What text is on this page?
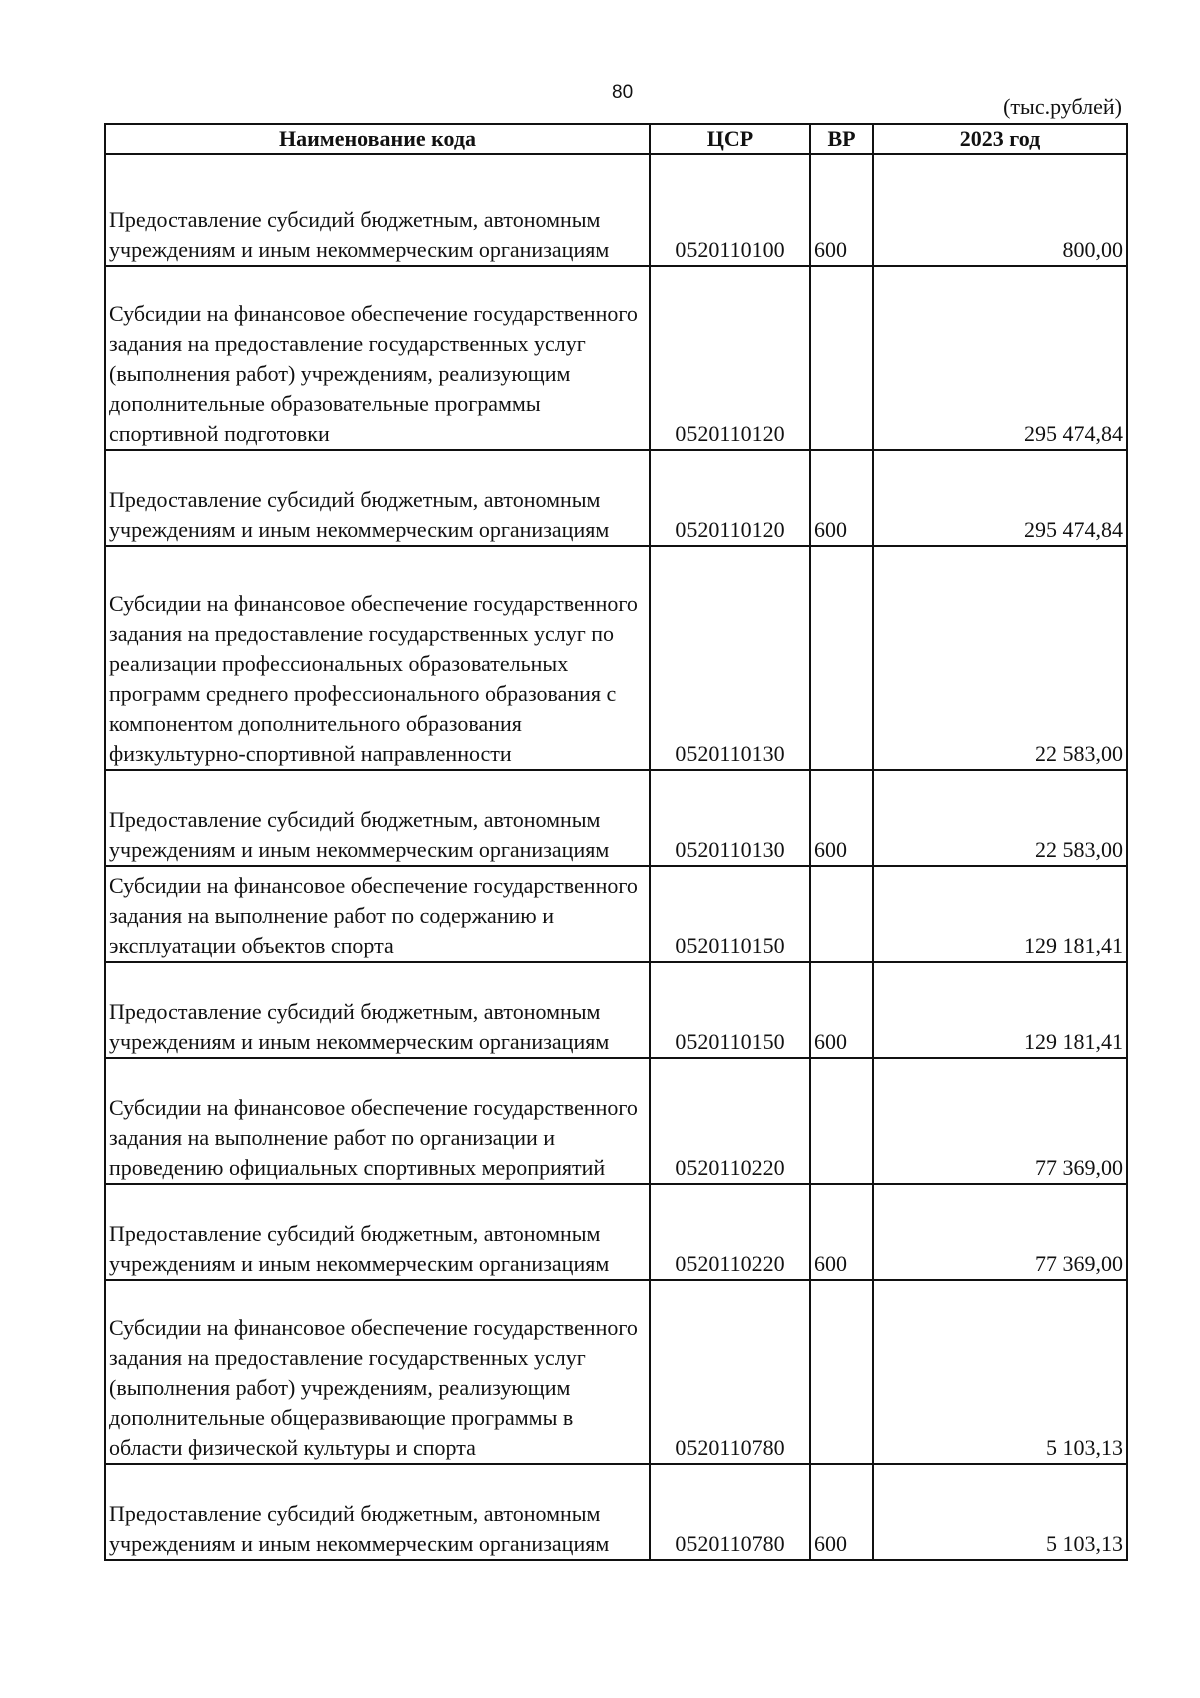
80
(тыс.рублей)
Наименование кода	ЦСР	ВР	2023 год
Предоставление субсидий бюджетным, автономным учреждениям и иным некоммерческим организациям	0520110100	600	800,00
Субсидии на финансовое обеспечение государственного задания на предоставление государственных услуг (выполнения работ) учреждениям, реализующим дополнительные образовательные программы спортивной подготовки	0520110120		295 474,84
Предоставление субсидий бюджетным, автономным учреждениям и иным некоммерческим организациям	0520110120	600	295 474,84
Субсидии на финансовое обеспечение государственного задания на предоставление государственных услуг по реализации профессиональных образовательных программ среднего профессионального образования с компонентом дополнительного образования физкультурно-спортивной направленности	0520110130		22 583,00
Предоставление субсидий бюджетным, автономным учреждениям и иным некоммерческим организациям	0520110130	600	22 583,00
Субсидии на финансовое обеспечение государственного задания на выполнение работ по содержанию и эксплуатации объектов спорта	0520110150		129 181,41
Предоставление субсидий бюджетным, автономным учреждениям и иным некоммерческим организациям	0520110150	600	129 181,41
Субсидии на финансовое обеспечение государственного задания на выполнение работ по организации и проведению официальных спортивных мероприятий	0520110220		77 369,00
Предоставление субсидий бюджетным, автономным учреждениям и иным некоммерческим организациям	0520110220	600	77 369,00
Субсидии на финансовое обеспечение государственного задания на предоставление государственных услуг (выполнения работ) учреждениям, реализующим дополнительные общеразвивающие программы в области физической культуры и спорта	0520110780		5 103,13
Предоставление субсидий бюджетным, автономным учреждениям и иным некоммерческим организациям	0520110780	600	5 103,13
